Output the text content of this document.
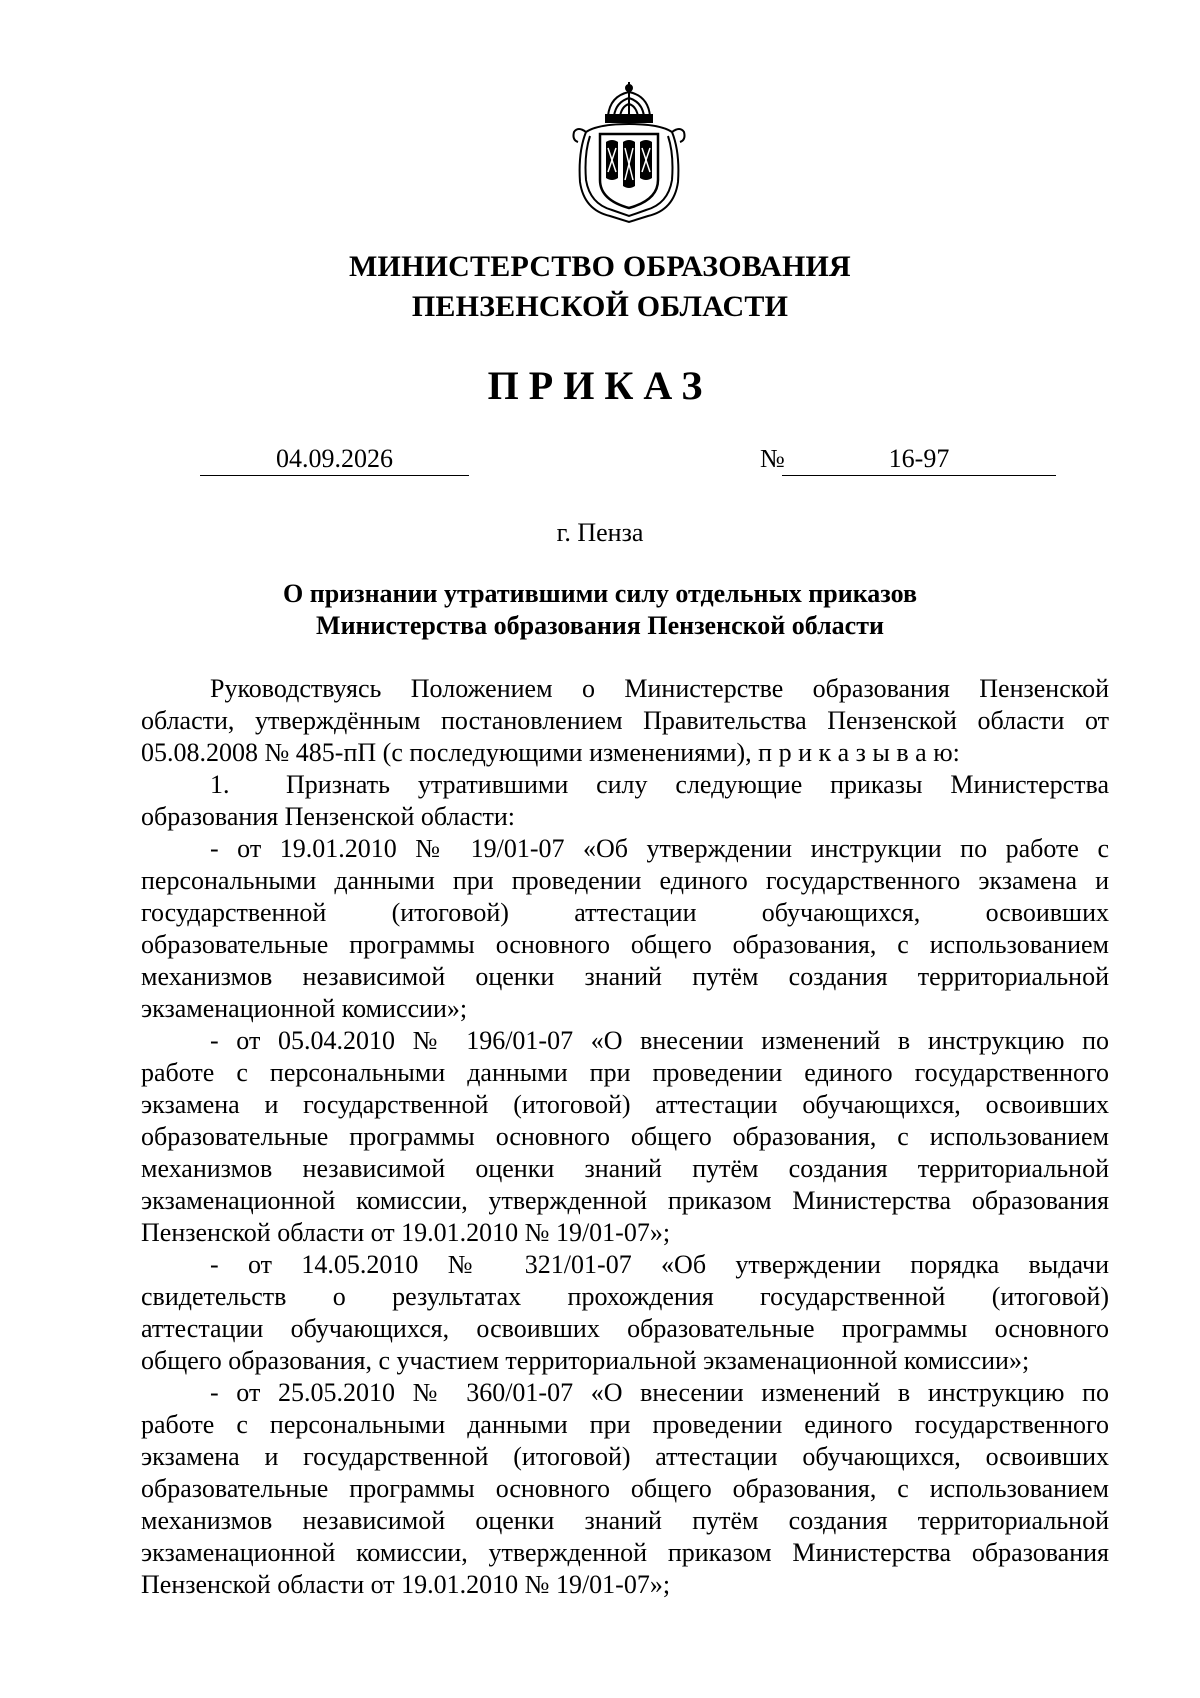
МИНИСТЕРСТВО ОБРАЗОВАНИЯ
ПЕНЗЕНСКОЙ ОБЛАСТИ
ПРИКАЗ
04.09.2026	№	16-97
г. Пенза
О признании утратившими силу отдельных приказов
Министерства образования Пензенской области
Руководствуясь Положением о Министерстве образования Пензенской
области, утверждённым постановлением Правительства Пензенской области от
05.08.2008 № 485-пП (с последующими изменениями), п р и к а з ы в а ю:
1.	Признать утратившими силу следующие приказы Министерства
образования Пензенской области:
- от 19.01.2010 № 19/01-07 «Об утверждении инструкции по работе с
персональными данными при проведении единого государственного экзамена и
государственной (итоговой) аттестации обучающихся, освоивших
образовательные программы основного общего образования, с использованием
механизмов независимой оценки знаний путём создания территориальной
экзаменационной комиссии»;
- от 05.04.2010 № 196/01-07 «О внесении изменений в инструкцию по
работе с персональными данными при проведении единого государственного
экзамена и государственной (итоговой) аттестации обучающихся, освоивших
образовательные программы основного общего образования, с использованием
механизмов независимой оценки знаний путём создания территориальной
экзаменационной комиссии, утвержденной приказом Министерства образования
Пензенской области от 19.01.2010 № 19/01-07»;
- от 14.05.2010 № 321/01-07 «Об утверждении порядка выдачи
свидетельств о результатах прохождения государственной (итоговой)
аттестации обучающихся, освоивших образовательные программы основного
общего образования, с участием территориальной экзаменационной комиссии»;
- от 25.05.2010 № 360/01-07 «О внесении изменений в инструкцию по
работе с персональными данными при проведении единого государственного
экзамена и государственной (итоговой) аттестации обучающихся, освоивших
образовательные программы основного общего образования, с использованием
механизмов независимой оценки знаний путём создания территориальной
экзаменационной комиссии, утвержденной приказом Министерства образования
Пензенской области от 19.01.2010 № 19/01-07»;
